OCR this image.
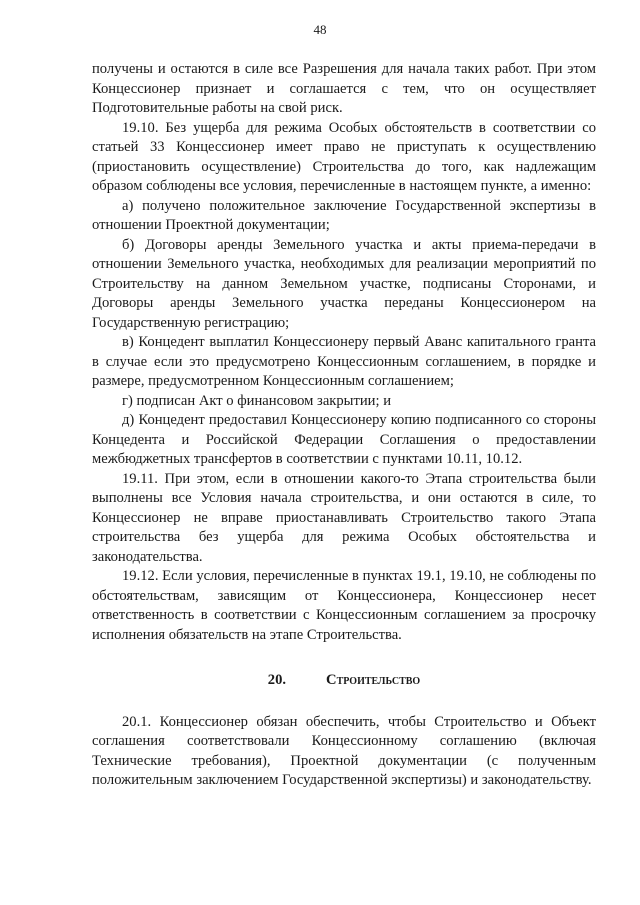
48

получены и остаются в силе все Разрешения для начала таких работ. При этом Концессионер признает и соглашается с тем, что он осуществляет Подготовительные работы на свой риск.

19.10. Без ущерба для режима Особых обстоятельств в соответствии со статьей 33 Концессионер имеет право не приступать к осуществлению (приостановить осуществление) Строительства до того, как надлежащим образом соблюдены все условия, перечисленные в настоящем пункте, а именно:

а) получено положительное заключение Государственной экспертизы в отношении Проектной документации;

б) Договоры аренды Земельного участка и акты приема-передачи в отношении Земельного участка, необходимых для реализации мероприятий по Строительству на данном Земельном участке, подписаны Сторонами, и Договоры аренды Земельного участка переданы Концессионером на Государственную регистрацию;

в) Концедент выплатил Концессионеру первый Аванс капитального гранта в случае если это предусмотрено Концессионным соглашением, в порядке и размере, предусмотренном Концессионным соглашением;

г) подписан Акт о финансовом закрытии; и

д) Концедент предоставил Концессионеру копию подписанного со стороны Концедента и Российской Федерации Соглашения о предоставлении межбюджетных трансфертов в соответствии с пунктами 10.11, 10.12.

19.11. При этом, если в отношении какого-то Этапа строительства были выполнены все Условия начала строительства, и они остаются в силе, то Концессионер не вправе приостанавливать Строительство такого Этапа строительства без ущерба для режима Особых обстоятельства и законодательства.

19.12. Если условия, перечисленные в пунктах 19.1, 19.10, не соблюдены по обстоятельствам, зависящим от Концессионера, Концессионер несет ответственность в соответствии с Концессионным соглашением за просрочку исполнения обязательств на этапе Строительства.

20.	Строительство

20.1. Концессионер обязан обеспечить, чтобы Строительство и Объект соглашения соответствовали Концессионному соглашению (включая Технические требования), Проектной документации (с полученным положительным заключением Государственной экспертизы) и законодательству.
